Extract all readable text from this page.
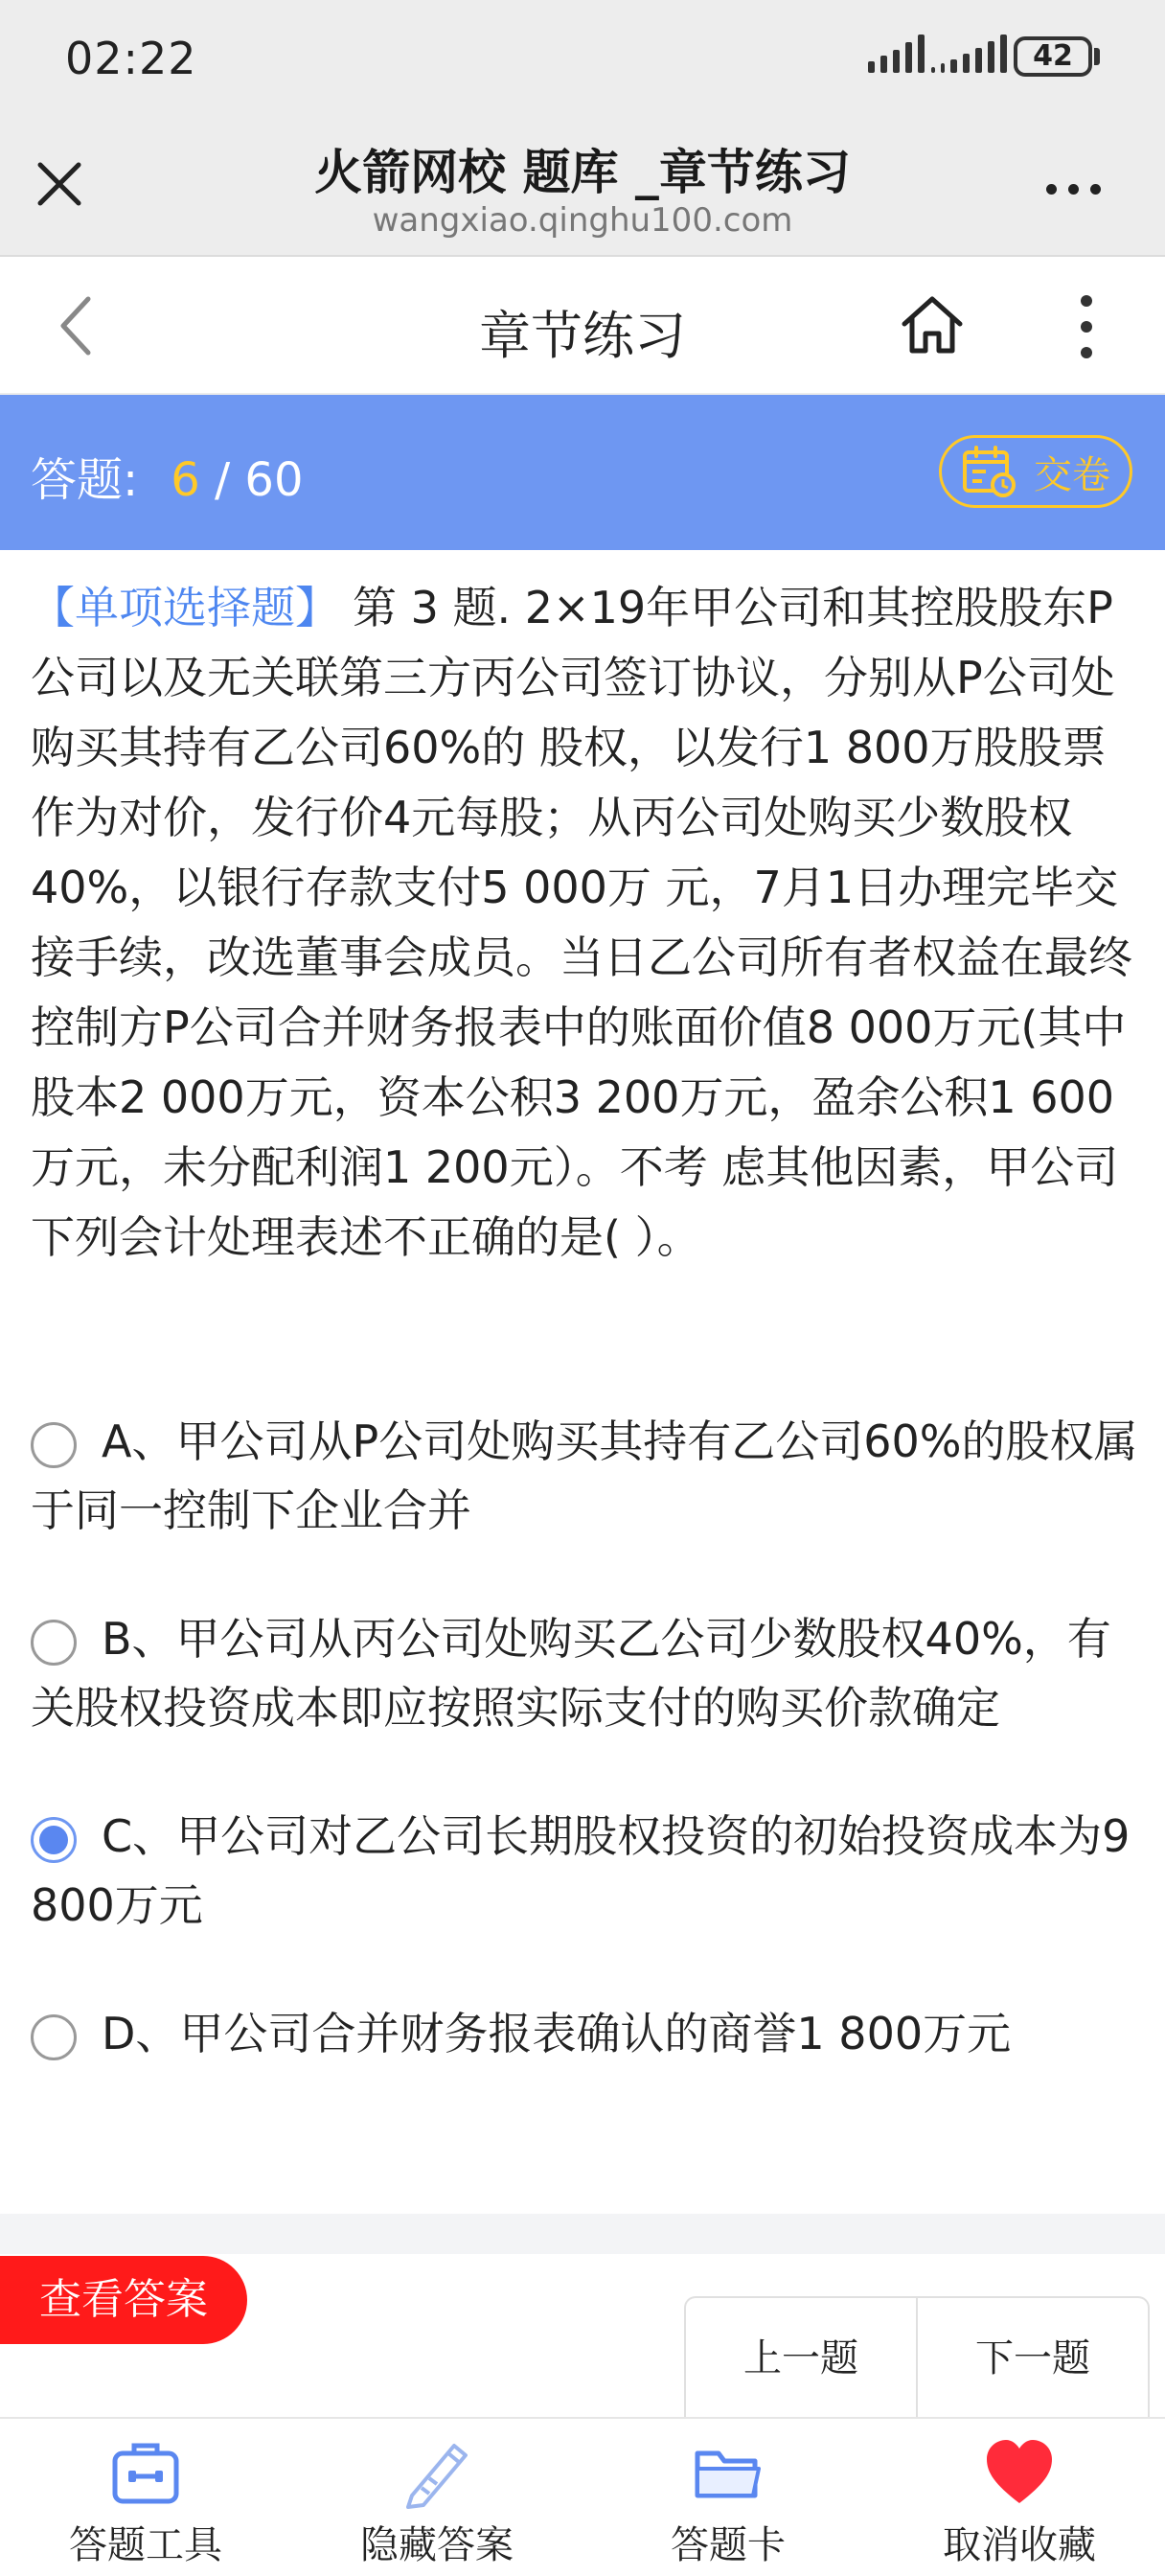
02:22	42
火箭网校 题库 _章节练习
wangxiao.qinghu100.com
章节练习
答题: 6 / 60	交卷
【单项选择题】 第 3 题. 2×19年甲公司和其控股股东P公司以及无关联第三方丙公司签订协议，分别从P公司处购买其持有乙公司60%的 股权，以发行1 800万股股票作为对价，发行价4元每股；从丙公司处购买少数股权40%，以银行存款支付5 000万 元，7月1日办理完毕交接手续，改选董事会成员。当日乙公司所有者权益在最终控制方P公司合并财务报表中的账面价值8 000万元(其中股本2 000万元，资本公积3 200万元，盈余公积1 600万元，未分配利润1 200元）。不考 虑其他因素，甲公司下列会计处理表述不正确的是( ）。
A、甲公司从P公司处购买其持有乙公司60%的股权属于同一控制下企业合并
B、甲公司从丙公司处购买乙公司少数股权40%，有关股权投资成本即应按照实际支付的购买价款确定
C、甲公司对乙公司长期股权投资的初始投资成本为9 800万元
D、甲公司合并财务报表确认的商誉1 800万元
查看答案
上一题	下一题
答题工具	隐藏答案	答题卡	取消收藏
